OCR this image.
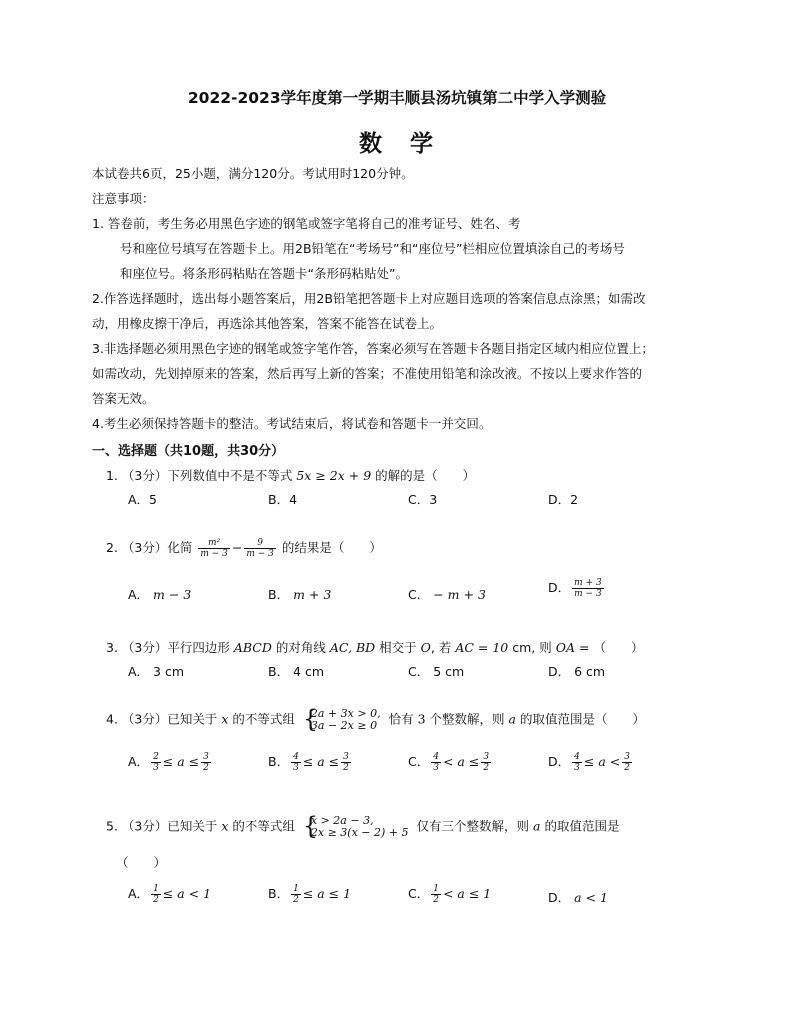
2022-2023学年度第一学期丰顺县汤坑镇第二中学入学测验
数 学
本试卷共6页，25小题，满分120分。考试用时120分钟。
注意事项：
1. 答卷前，考生务必用黑色字迹的钢笔或签字笔将自己的准考证号、姓名、考
号和座位号填写在答题卡上。用2B铅笔在“考场号”和“座位号”栏相应位置填涂自己的考场号
和座位号。将条形码粘贴在答题卡“条形码粘贴处”。
2.作答选择题时，选出每小题答案后，用2B铅笔把答题卡上对应题目选项的答案信息点涂黑；如需改
动，用橡皮擦干净后，再选涂其他答案，答案不能答在试卷上。
3.非选择题必须用黑色字迹的钢笔或签字笔作答，答案必须写在答题卡各题目指定区域内相应位置上；
如需改动，先划掉原来的答案，然后再写上新的答案；不准使用铅笔和涂改液。不按以上要求作答的
答案无效。
4.考生必须保持答题卡的整洁。考试结束后，将试卷和答题卡一并交回。
一、选择题（共10题，共30分）
1. （3分）下列数值中不是不等式 5x ≥ 2x + 9 的解的是（　　）
A．5	B．4	C．3	D．2
2. （3分）化简 $\frac{\text{m²}}{m - 3} - \frac{9}{m - 3}$ 的结果是（　　）
A． m − 3	B． m + 3	C． − m + 3	D． $\frac{m + 3}{m - 3}$
3. （3分）平行四边形 ABCD 的对角线 AC, BD 相交于 O, 若 AC = 10 cm, 则 OA = （　　）
A． 3 cm	B． 4 cm	C． 5 cm	D． 6 cm
4. （3分）已知关于 x 的不等式组 {
2a + 3x > 0,
3a − 2x ≥ 0 恰有 3 个整数解，则 a 的取值范围是（　　）
A． $\frac{2}{3} \le a \le \frac{3}{2}$	B． $\frac{4}{3} \le a \le \frac{3}{2}$	C． $\frac{4}{3} < a \le \frac{3}{2}$	D． $\frac{4}{3} \le a < \frac{3}{2}$
5. （3分）已知关于 x 的不等式组 {
x > 2a − 3,
2x ≥ 3(x − 2) + 5 仅有三个整数解，则 a 的取值范围是
（　　）
A． $\frac{1}{2} \le a < 1$	B． $\frac{1}{2} \le a \le 1$	C． $\frac{1}{2} < a \le 1$	D． a < 1
